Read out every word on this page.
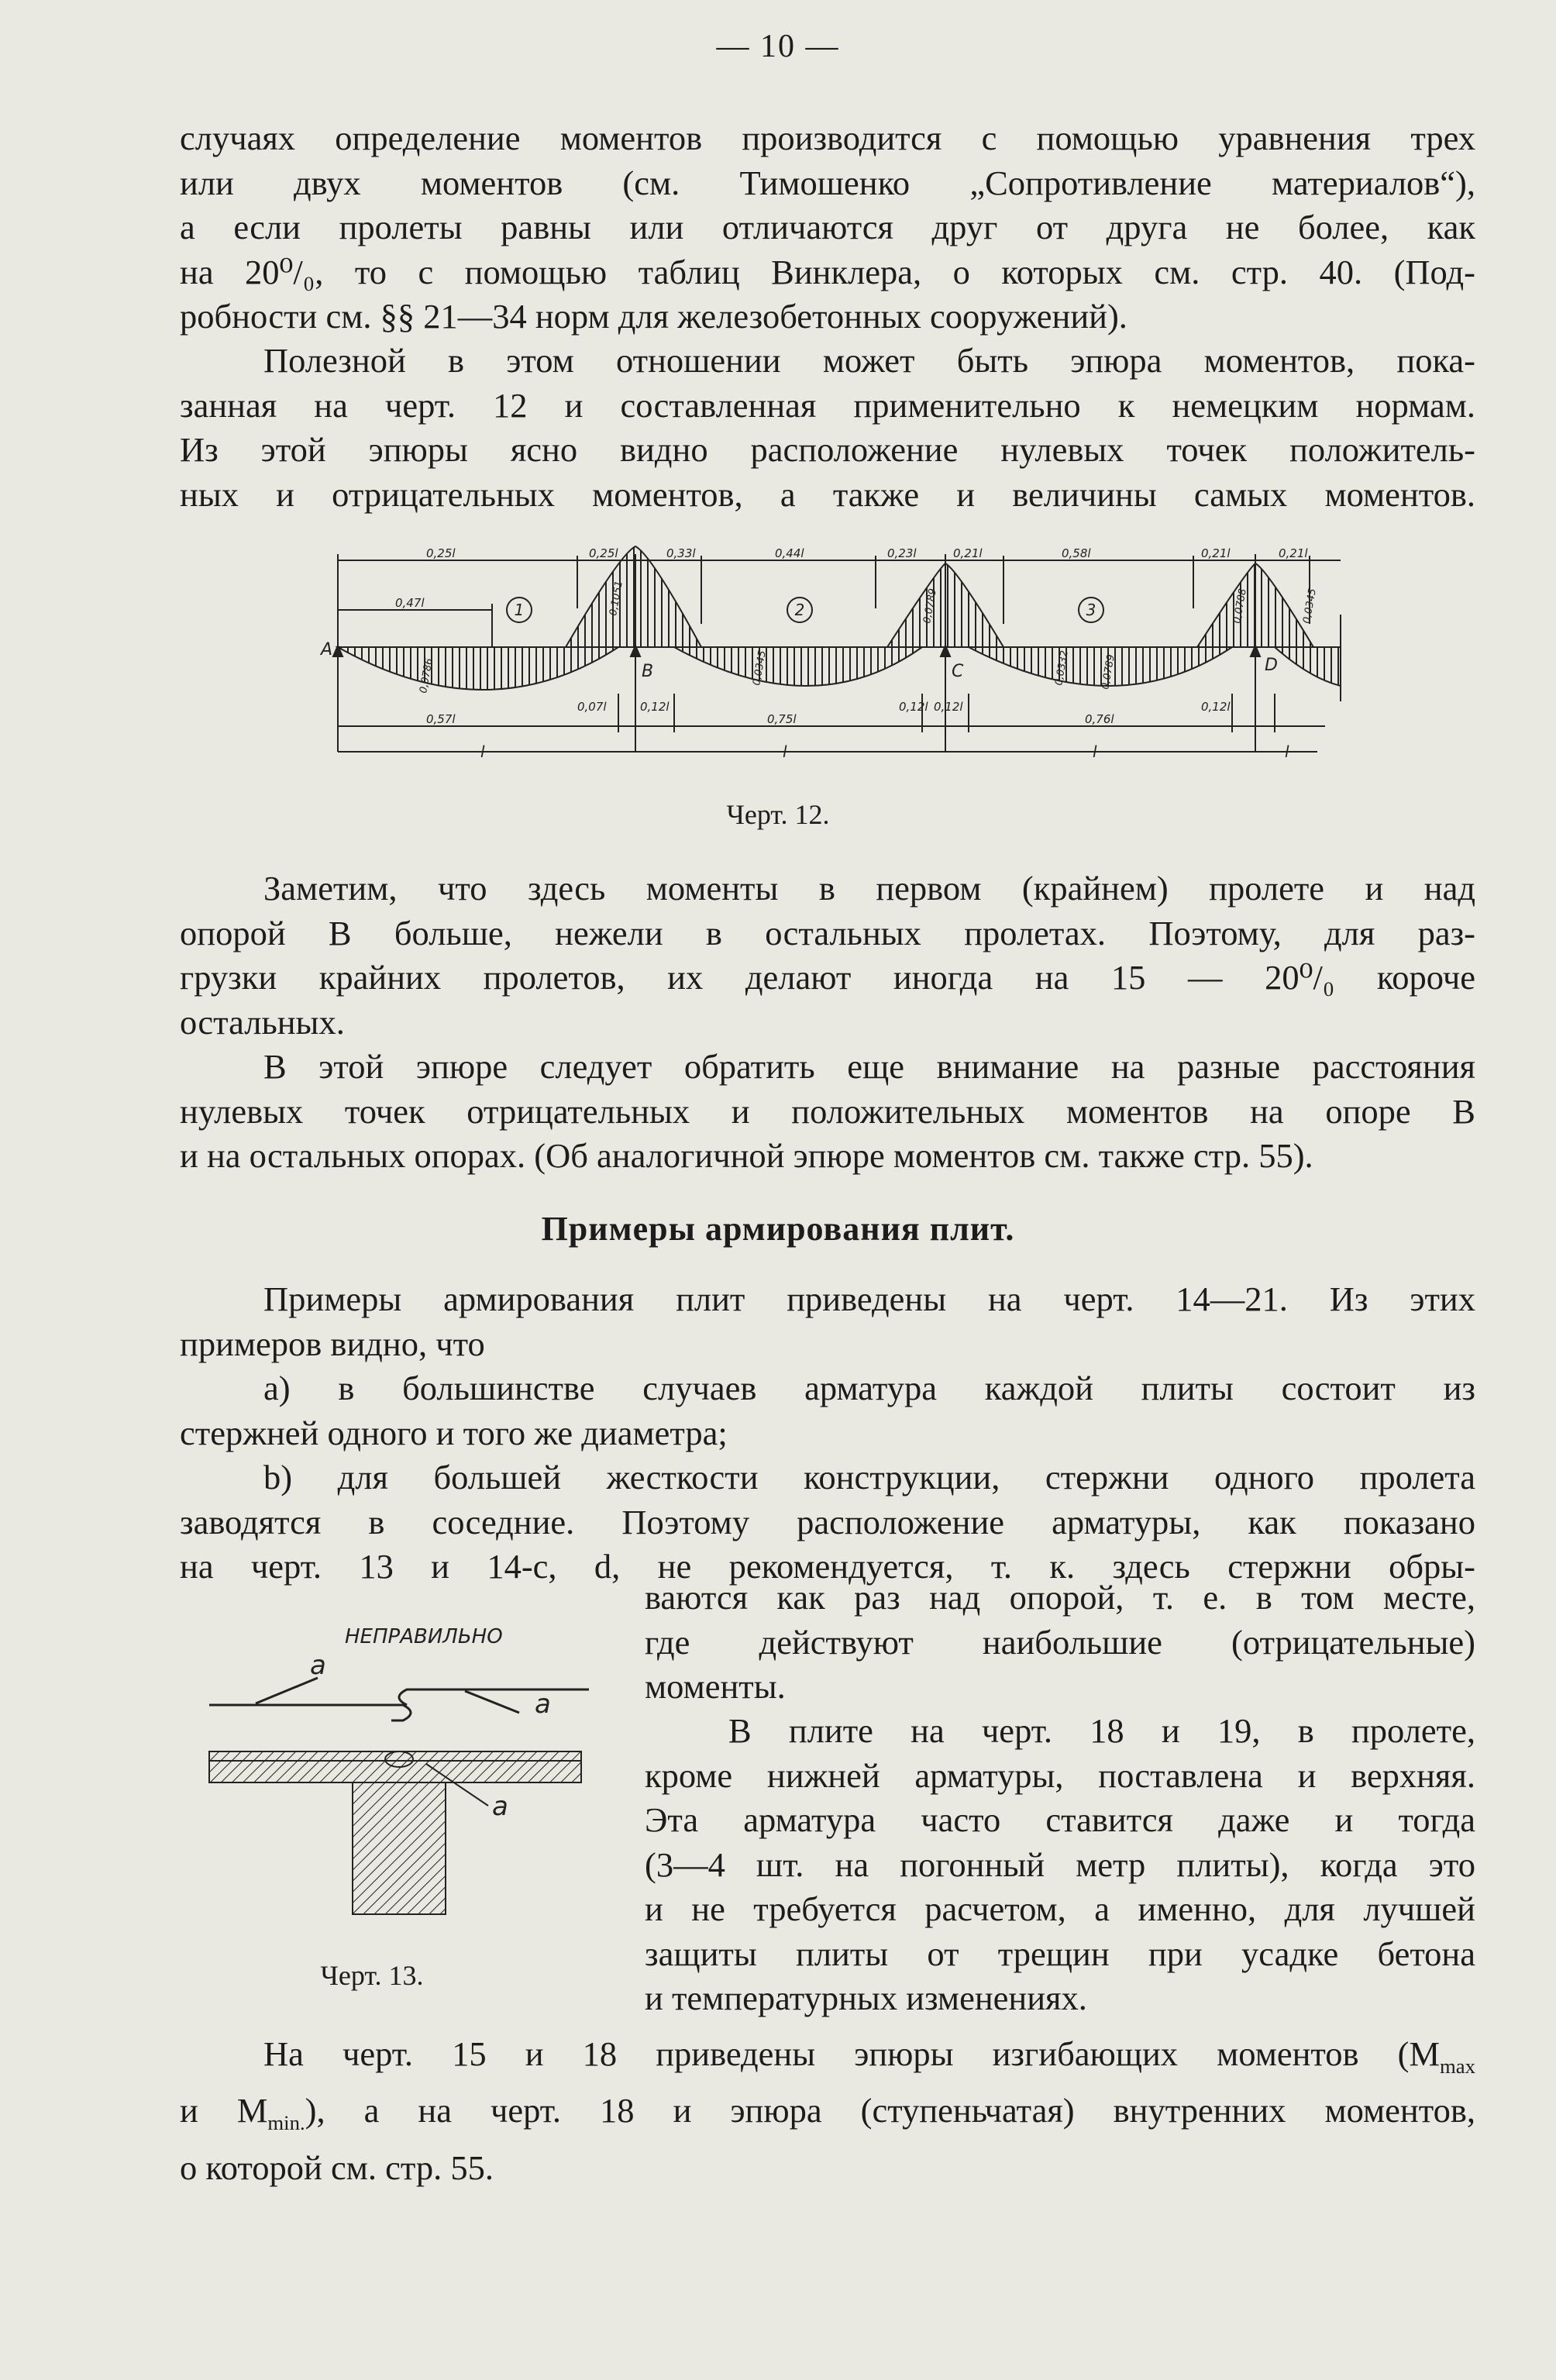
— 10 —
случаях определение моментов производится с помощью уравнения трех
или двух моментов (см. Тимошенко „Сопротивление материалов“),
а если пролеты равны или отличаются друг от друга не более, как
на 20⁰/₀, то с помощью таблиц Винклера, о которых см. стр. 40. (Под-
робности см. §§ 21—34 норм для железобетонных сооружений).
Полезной в этом отношении может быть эпюра моментов, пока-
занная на черт. 12 и составленная применительно к немецким нормам.
Из этой эпюры ясно видно расположение нулевых точек положитель-
ных и отрицательных моментов, а также и величины самых моментов.
0,25l	0,25l	0,33l	0,44l	0,23l	0,21l	0,58l	0,21l	0,21l
0,47l	1	2	3
A
B	C	D
0,0786
0,1051
0,0345
0,0789
0,0332
0,0788
0,0789
0,0345
0,57l
0,07l	0,12l
0,75l
0,12l 0,12l
0,76l
0,12l
l	l	l	l
Черт. 12.
Заметим, что здесь моменты в первом (крайнем) пролете и над
опорой В больше, нежели в остальных пролетах. Поэтому, для раз-
грузки крайних пролетов, их делают иногда на 15 — 20⁰/₀ короче
остальных.
В этой эпюре следует обратить еще внимание на разные расстояния
нулевых точек отрицательных и положительных моментов на опоре В
и на остальных опорах. (Об аналогичной эпюре моментов см. также стр. 55).
Примеры армирования плит.
Примеры армирования плит приведены на черт. 14—21. Из этих
примеров видно, что
а) в большинстве случаев арматура каждой плиты состоит из
стержней одного и того же диаметра;
b) для большей жесткости конструкции, стержни одного пролета
заводятся в соседние. Поэтому расположение арматуры, как показано
на черт. 13 и 14-с, d, не рекомендуется, т. к. здесь стержни обры-
НЕПРАВИЛЬНО
a
a
a
Черт. 13.
ваются как раз над опорой, т. е. в том месте,
где действуют наибольшие (отрицательные)
моменты.
В плите на черт. 18 и 19, в пролете,
кроме нижней арматуры, поставлена и верхняя.
Эта арматура часто ставится даже и тогда
(3—4 шт. на погонный метр плиты), когда это
и не требуется расчетом, а именно, для лучшей
защиты плиты от трещин при усадке бетона
и температурных изменениях.
На черт. 15 и 18 приведены эпюры изгибающих моментов ($M_{max}$
и $M_{min.}$), а на черт. 18 и эпюра (ступеньчатая) внутренних моментов,
о которой см. стр. 55.
